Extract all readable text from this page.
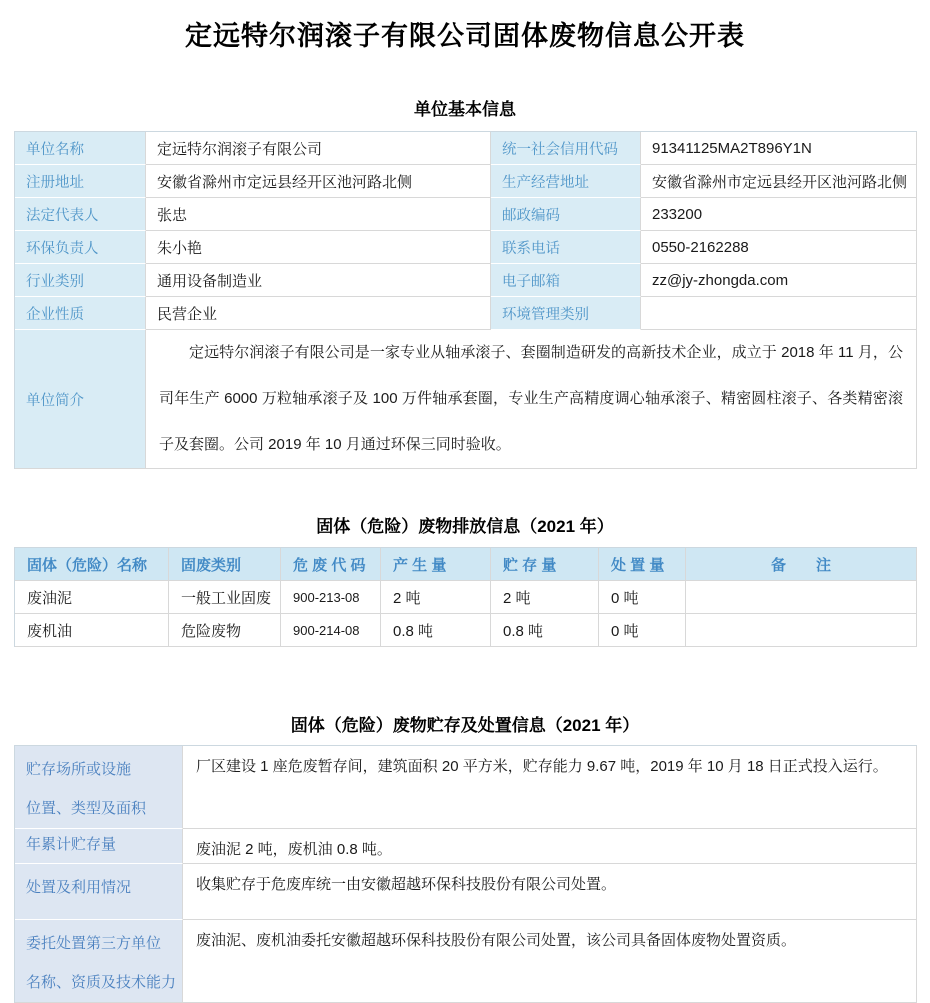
定远特尔润滚子有限公司固体废物信息公开表
单位基本信息
单位名称	定远特尔润滚子有限公司	统一社会信用代码	91341125MA2T896Y1N
注册地址	安徽省滁州市定远县经开区池河路北侧	生产经营地址	安徽省滁州市定远县经开区池河路北侧
法定代表人	张忠	邮政编码	233200
环保负责人	朱小艳	联系电话	0550-2162288
行业类别	通用设备制造业	电子邮箱	zz@jy-zhongda.com
企业性质	民营企业	环境管理类别	
单位简介	定远特尔润滚子有限公司是一家专业从轴承滚子、套圈制造研发的高新技术企业，成立于 2018 年 11 月，公司年生产 6000 万粒轴承滚子及 100 万件轴承套圈，专业生产高精度调心轴承滚子、精密圆柱滚子、各类精密滚子及套圈。公司 2019 年 10 月通过环保三同时验收。		
固体（危险）废物排放信息（2021 年）
固体（危险）名称	固废类别	危 废 代 码	产 生 量	贮 存 量	处 置 量	备　　注
废油泥	一般工业固废	900-213-08	2 吨	2 吨	0 吨	
废机油	危险废物	900-214-08	0.8 吨	0.8 吨	0 吨	
固体（危险）废物贮存及处置信息（2021 年）
贮存场所或设施
位置、类型及面积	厂区建设 1 座危废暂存间，建筑面积 20 平方米，贮存能力 9.67 吨，2019 年 10 月 18 日正式投入运行。

年累计贮存量	废油泥 2 吨，废机油 0.8 吨。

处置及利用情况	收集贮存于危废库统一由安徽超越环保科技股份有限公司处置。

委托处置第三方单位
名称、资质及技术能力	废油泥、废机油委托安徽超越环保科技股份有限公司处置，该公司具备固体废物处置资质。
